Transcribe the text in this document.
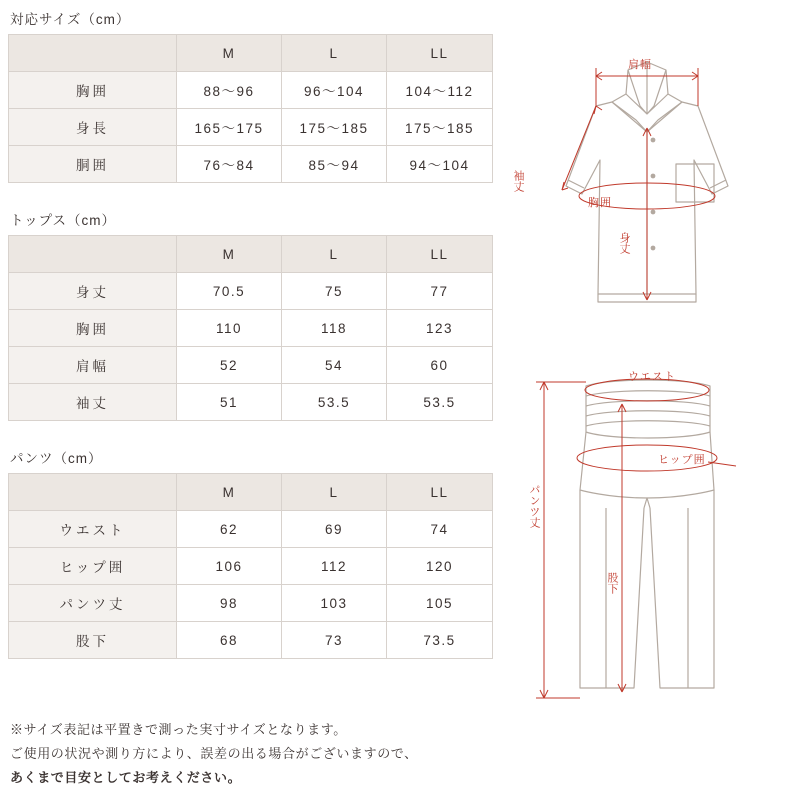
対応サイズ（cm）
	M	L	LL
胸囲	88〜96	96〜104	104〜112
身長	165〜175	175〜185	175〜185
胴囲	76〜84	85〜94	94〜104
トップス（cm）
	M	L	LL
身丈	70.5	75	77
胸囲	110	118	123
肩幅	52	54	60
袖丈	51	53.5	53.5
パンツ（cm）
	M	L	LL
ウエスト	62	69	74
ヒップ囲	106	112	120
パンツ丈	98	103	105
股下	68	73	73.5
※サイズ表記は平置きで測った実寸サイズとなります。
ご使用の状況や測り方により、誤差の出る場合がございますので、
あくまで目安としてお考えください。
肩幅
袖丈
胸囲
身丈
ウエスト
ヒップ囲
パンツ丈
股下
